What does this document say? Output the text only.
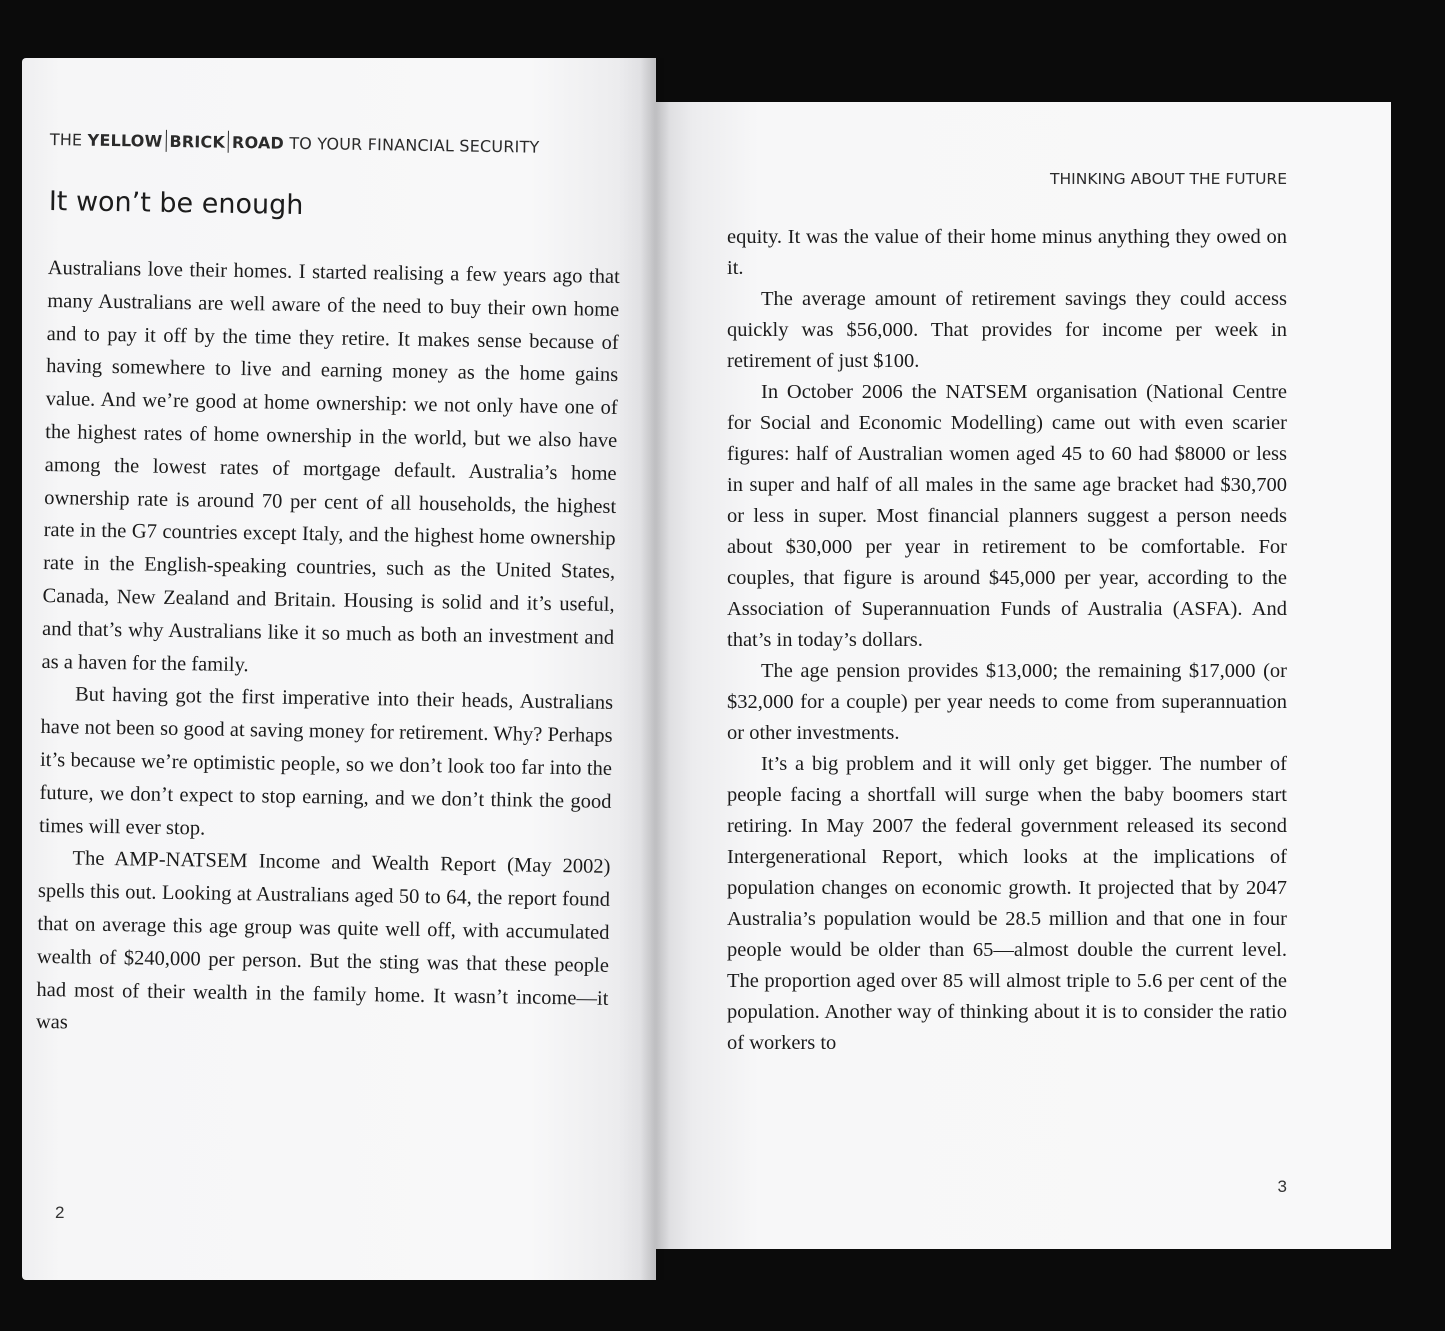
THE YELLOW BRICK ROAD TO YOUR FINANCIAL SECURITY
It won’t be enough

Australians love their homes. I started realising a few years ago that many Australians are well aware of the need to buy their own home and to pay it off by the time they retire. It makes sense because of having somewhere to live and earning money as the home gains value. And we’re good at home ownership: we not only have one of the highest rates of home ownership in the world, but we also have among the lowest rates of mortgage default. Australia’s home ownership rate is around 70 per cent of all households, the highest rate in the G7 countries except Italy, and the highest home ownership rate in the English-speaking countries, such as the United States, Canada, New Zealand and Britain. Housing is solid and it’s useful, and that’s why Australians like it so much as both an investment and as a haven for the family.

But having got the first imperative into their heads, Australians have not been so good at saving money for retirement. Why? Perhaps it’s because we’re optimistic people, so we don’t look too far into the future, we don’t expect to stop earning, and we don’t think the good times will ever stop.

The AMP-NATSEM Income and Wealth Report (May 2002) spells this out. Looking at Australians aged 50 to 64, the report found that on average this age group was quite well off, with accumulated wealth of $240,000 per person. But the sting was that these people had most of their wealth in the family home. It wasn’t income—it was

2
THINKING ABOUT THE FUTURE

equity. It was the value of their home minus anything they owed on it.

The average amount of retirement savings they could access quickly was $56,000. That provides for income per week in retirement of just $100.

In October 2006 the NATSEM organisation (National Centre for Social and Economic Modelling) came out with even scarier figures: half of Australian women aged 45 to 60 had $8000 or less in super and half of all males in the same age bracket had $30,700 or less in super. Most financial planners suggest a person needs about $30,000 per year in retirement to be comfortable. For couples, that figure is around $45,000 per year, according to the Association of Superannuation Funds of Australia (ASFA). And that’s in today’s dollars.

The age pension provides $13,000; the remaining $17,000 (or $32,000 for a couple) per year needs to come from superannuation or other investments.

It’s a big problem and it will only get bigger. The number of people facing a shortfall will surge when the baby boomers start retiring. In May 2007 the federal government released its second Intergenerational Report, which looks at the implications of population changes on economic growth. It projected that by 2047 Australia’s population would be 28.5 million and that one in four people would be older than 65—almost double the current level. The proportion aged over 85 will almost triple to 5.6 per cent of the population. Another way of thinking about it is to consider the ratio of workers to

3
